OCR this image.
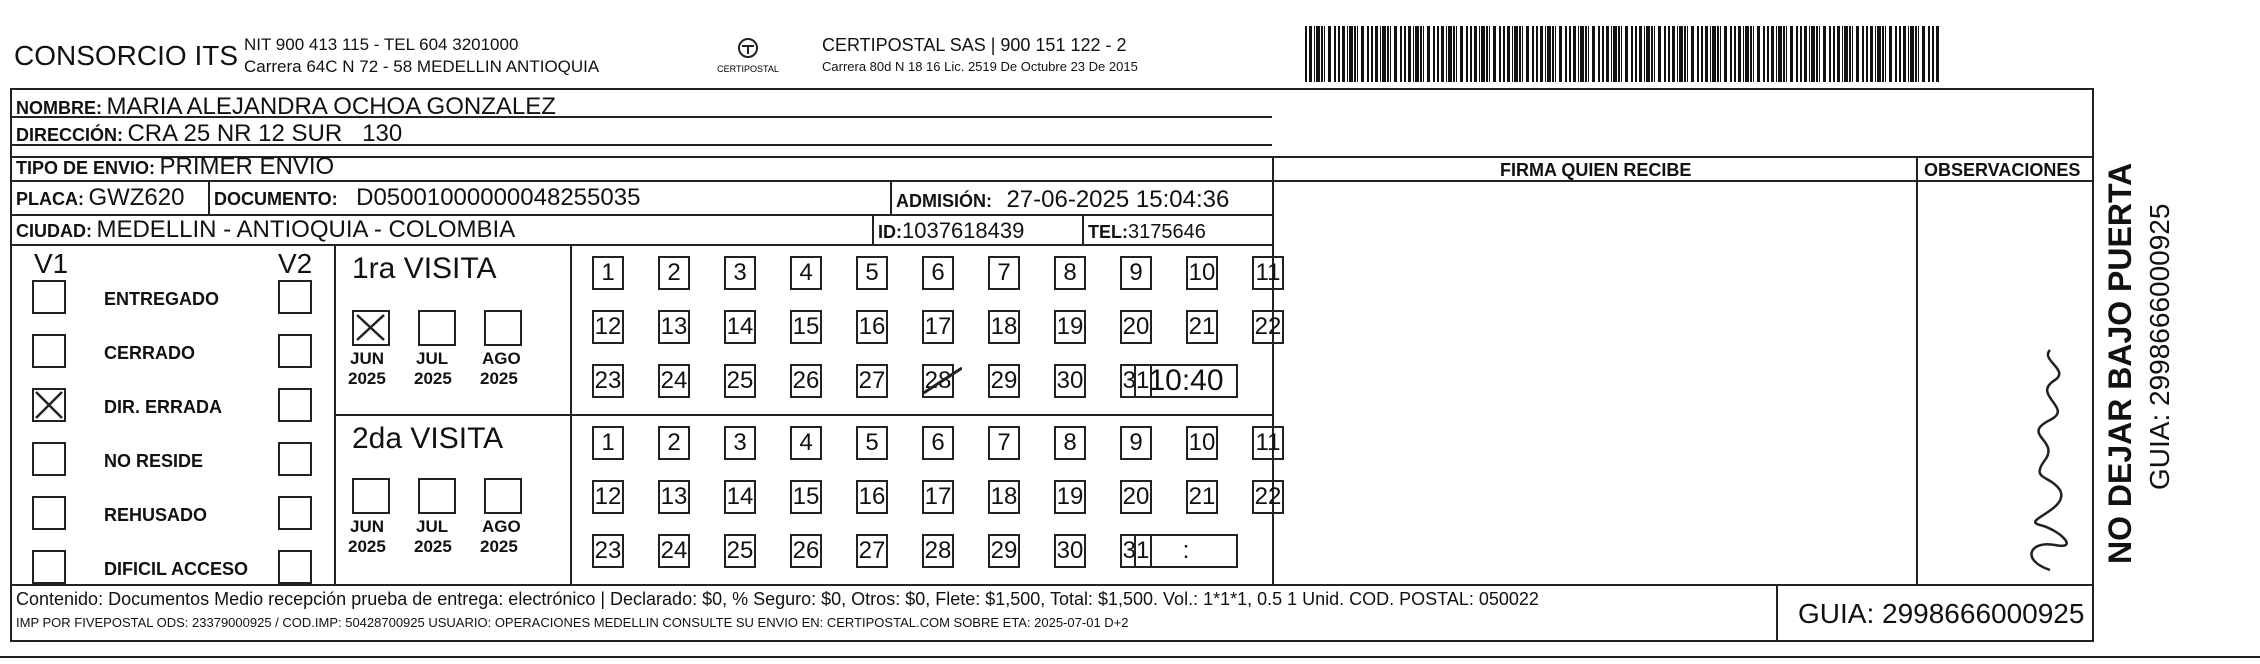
CONSORCIO ITS NIT 900 413 115 - TEL 604 3201000
Carrera 64C N 72 - 58 MEDELLIN ANTIOQUIA	CERTIPOSTAL
CERTIPOSTAL SAS | 900 151 122 - 2
Carrera 80d N 18 16 Lic. 2519 De Octubre 23 De 2015
NOMBRE: MARIA ALEJANDRA OCHOA GONZALEZ
DIRECCIÓN: CRA 25 NR 12 SUR   130
TIPO DE ENVIO: PRIMER ENVIO
PLACA: GWZ620 DOCUMENTO: D05001000000048255035	ADMISIÓN: 27-06-2025 15:04:36
CIUDAD: MEDELLIN - ANTIOQUIA - COLOMBIA	ID:1037618439	TEL:3175646
FIRMA QUIEN RECIBE	OBSERVACIONES
V1	V2
ENTREGADO
CERRADO
DIR. ERRADA
NO RESIDE
REHUSADO
DIFICIL ACCESO
1ra VISITA
2da VISITA
JUN
2025
JUL
2025
AGO
2025
JUN
2025
JUL
2025
AGO
2025
1	2	3	4	5	6	7	8	9	10 11
12 13 14 15 16 17 18 19 20 21 22
23 24 25 26 27 28 29 30 31 10:40
1	2	3	4	5	6	7	8	9	10 11
12 13 14 15 16 17 18 19 20 21 22
23 24 25 26 27 28 29 30 31	:
Falcueta
NO DEJAR BAJO PUERTA GUIA: 2998666000925
Contenido: Documentos Medio recepción prueba de entrega: electrónico | Declarado: $0, % Seguro: $0, Otros: $0, Flete: $1,500, Total: $1,500. Vol.: 1*1*1, 0.5 1 Unid. COD. POSTAL: 050022
IMP POR FIVEPOSTAL ODS: 23379000925 / COD.IMP: 50428700925 USUARIO: OPERACIONES MEDELLIN CONSULTE SU ENVIO EN: CERTIPOSTAL.COM SOBRE ETA: 2025-07-01 D+2	GUIA: 2998666000925
